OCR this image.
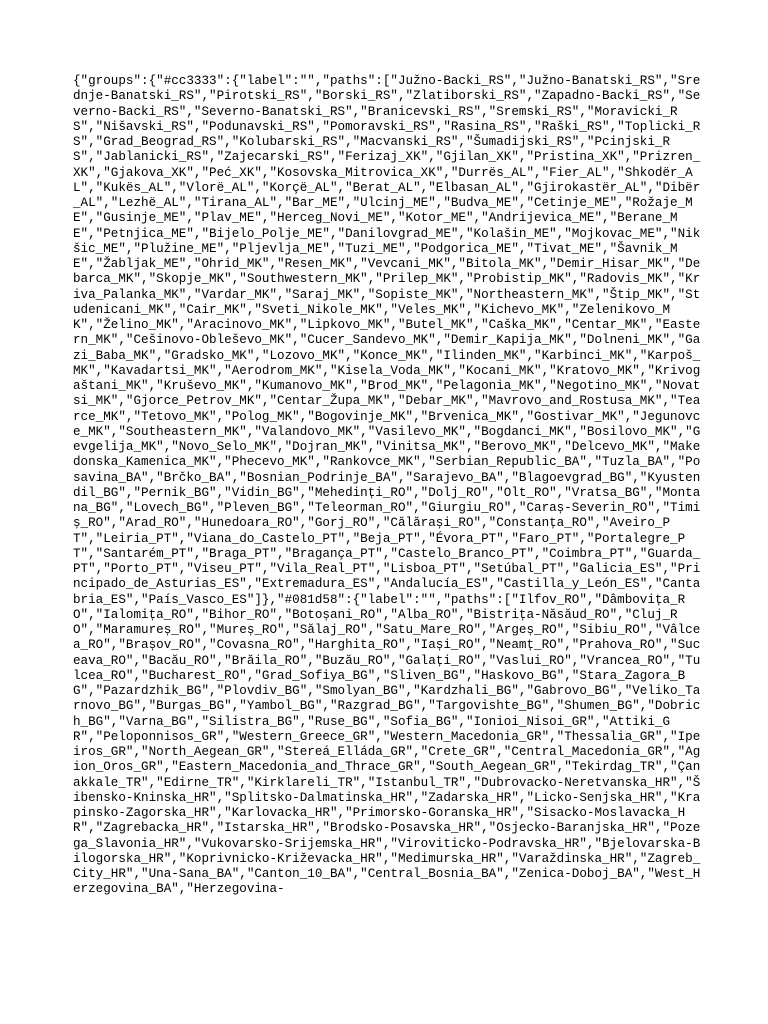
{"groups":{"#cc3333":{"label":"","paths":["Južno-Backi_RS","Južno-Banatski_RS","Srednje-Banatski_RS","Pirotski_RS","Borski_RS","Zlatiborski_RS","Zapadno-Backi_RS","Severno-Backi_RS","Severno-Banatski_RS","Branicevski_RS","Sremski_RS","Moravicki_RS","Nišavski_RS","Podunavski_RS","Pomoravski_RS","Rasina_RS","Raški_RS","Toplicki_RS","Grad_Beograd_RS","Kolubarski_RS","Macvanski_RS","Šumadijski_RS","Pcinjski_RS","Jablanicki_RS","Zajecarski_RS","Ferizaj_XK","Gjilan_XK","Pristina_XK","Prizren_XK","Gjakova_XK","Peć_XK","Kosovska_Mitrovica_XK","Durrës_AL","Fier_AL","Shkodër_AL","Kukës_AL","Vlorë_AL","Korçë_AL","Berat_AL","Elbasan_AL","Gjirokastër_AL","Dibër_AL","Lezhë_AL","Tirana_AL","Bar_ME","Ulcinj_ME","Budva_ME","Cetinje_ME","Rožaje_ME","Gusinje_ME","Plav_ME","Herceg_Novi_ME","Kotor_ME","Andrijevica_ME","Berane_ME","Petnjica_ME","Bijelo_Polje_ME","Danilovgrad_ME","Kolašin_ME","Mojkovac_ME","Nikšic_ME","Plužine_ME","Pljevlja_ME","Tuzi_ME","Podgorica_ME","Tivat_ME","Šavnik_ME","Žabljak_ME","Ohrid_MK","Resen_MK","Vevcani_MK","Bitola_MK","Demir_Hisar_MK","Debarca_MK","Skopje_MK","Southwestern_MK","Prilep_MK","Probistip_MK","Radovis_MK","Kriva_Palanka_MK","Vardar_MK","Saraj_MK","Sopiste_MK","Northeastern_MK","Štip_MK","Studenicani_MK","Cair_MK","Sveti_Nikole_MK","Veles_MK","Kichevo_MK","Zelenikovo_MK","Želino_MK","Aracinovo_MK","Lipkovo_MK","Butel_MK","Caška_MK","Centar_MK","Eastern_MK","Cešinovo-Obleševo_MK","Cucer_Sandevo_MK","Demir_Kapija_MK","Dolneni_MK","Gazi_Baba_MK","Gradsko_MK","Lozovo_MK","Konce_MK","Ilinden_MK","Karbinci_MK","Karpoš_MK","Kavadartsi_MK","Aerodrom_MK","Kisela_Voda_MK","Kocani_MK","Kratovo_MK","Krivogaštani_MK","Kruševo_MK","Kumanovo_MK","Brod_MK","Pelagonia_MK","Negotino_MK","Novatsi_MK","Gjorce_Petrov_MK","Centar_Župa_MK","Debar_MK","Mavrovo_and_Rostusa_MK","Tearce_MK","Tetovo_MK","Polog_MK","Bogovinje_MK","Brvenica_MK","Gostivar_MK","Jegunovce_MK","Southeastern_MK","Valandovo_MK","Vasilevo_MK","Bogdanci_MK","Bosilovo_MK","Gevgelija_MK","Novo_Selo_MK","Dojran_MK","Vinitsa_MK","Berovo_MK","Delcevo_MK","Makedonska_Kamenica_MK","Phecevo_MK","Rankovce_MK","Serbian_Republic_BA","Tuzla_BA","Posavina_BA","Brčko_BA","Bosnian_Podrinje_BA","Sarajevo_BA","Blagoevgrad_BG","Kyustendil_BG","Pernik_BG","Vidin_BG","Mehedinți_RO","Dolj_RO","Olt_RO","Vratsa_BG","Montana_BG","Lovech_BG","Pleven_BG","Teleorman_RO","Giurgiu_RO","Caraș-Severin_RO","Timiș_RO","Arad_RO","Hunedoara_RO","Gorj_RO","Călărași_RO","Constanța_RO","Aveiro_PT","Leiria_PT","Viana_do_Castelo_PT","Beja_PT","Évora_PT","Faro_PT","Portalegre_PT","Santarém_PT","Braga_PT","Bragança_PT","Castelo_Branco_PT","Coimbra_PT","Guarda_PT","Porto_PT","Viseu_PT","Vila_Real_PT","Lisboa_PT","Setúbal_PT","Galicia_ES","Principado_de_Asturias_ES","Extremadura_ES","Andalucía_ES","Castilla_y_León_ES","Cantabria_ES","País_Vasco_ES"]},"#081d58":{"label":"","paths":["Ilfov_RO","Dâmbovița_RO","Ialomița_RO","Bihor_RO","Botoșani_RO","Alba_RO","Bistrița-Năsăud_RO","Cluj_RO","Maramureș_RO","Mureș_RO","Sălaj_RO","Satu_Mare_RO","Argeș_RO","Sibiu_RO","Vâlcea_RO","Brașov_RO","Covasna_RO","Harghita_RO","Iași_RO","Neamț_RO","Prahova_RO","Suceava_RO","Bacău_RO","Brăila_RO","Buzău_RO","Galați_RO","Vaslui_RO","Vrancea_RO","Tulcea_RO","Bucharest_RO","Grad_Sofiya_BG","Sliven_BG","Haskovo_BG","Stara_Zagora_BG","Pazardzhik_BG","Plovdiv_BG","Smolyan_BG","Kardzhali_BG","Gabrovo_BG","Veliko_Tarnovo_BG","Burgas_BG","Yambol_BG","Razgrad_BG","Targovishte_BG","Shumen_BG","Dobrich_BG","Varna_BG","Silistra_BG","Ruse_BG","Sofia_BG","Ionioi_Nisoi_GR","Attiki_GR","Peloponnisos_GR","Western_Greece_GR","Western_Macedonia_GR","Thessalia_GR","Ipeiros_GR","North_Aegean_GR","Stereá_Elláda_GR","Crete_GR","Central_Macedonia_GR","Agion_Oros_GR","Eastern_Macedonia_and_Thrace_GR","South_Aegean_GR","Tekirdag_TR","Çanakkale_TR","Edirne_TR","Kirklareli_TR","Istanbul_TR","Dubrovacko-Neretvanska_HR","Šibensko-Kninska_HR","Splitsko-Dalmatinska_HR","Zadarska_HR","Licko-Senjska_HR","Krapinsko-Zagorska_HR","Karlovacka_HR","Primorsko-Goranska_HR","Sisacko-Moslavacka_HR","Zagrebacka_HR","Istarska_HR","Brodsko-Posavska_HR","Osjecko-Baranjska_HR","Pozega_Slavonia_HR","Vukovarsko-Srijemska_HR","Viroviticko-Podravska_HR","Bjelovarska-Bilogorska_HR","Koprivnicko-Križevacka_HR","Medimurska_HR","Varaždinska_HR","Zagreb_City_HR","Una-Sana_BA","Canton_10_BA","Central_Bosnia_BA","Zenica-Doboj_BA","West_Herzegovina_BA","Herzegovina-
